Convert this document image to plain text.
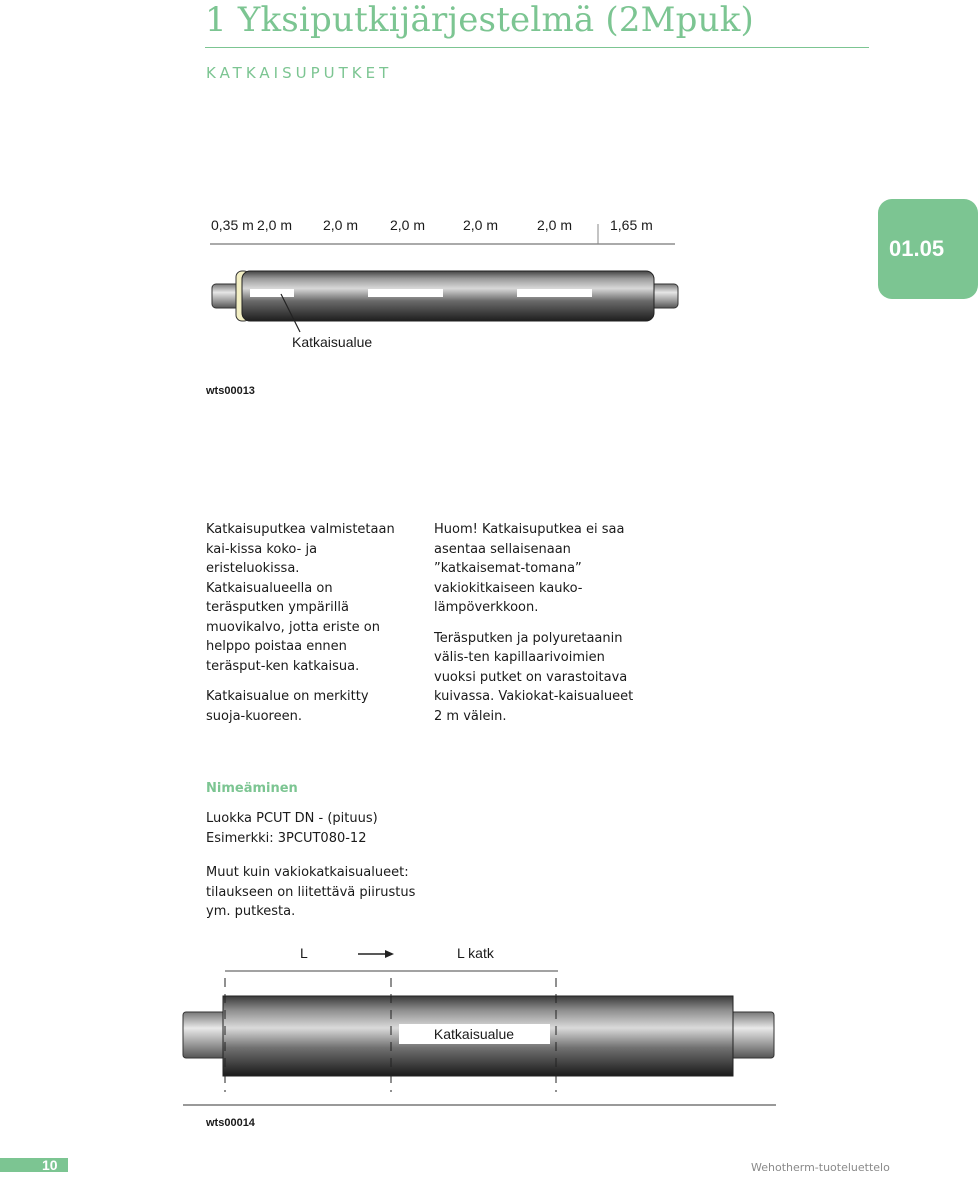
1 Yksiputkijärjestelmä (2Mpuk)
KATKAISUPUTKET
01.05
0,35 m 2,0 m 2,0 m 2,0 m	2,0 m	2,0 m	1,65 m
Katkaisualue
wts00013

Katkaisuputkea valmistetaan kai-kissa koko- ja eristeluokissa. Katkaisualueella on teräsputken ympärillä muovikalvo, jotta eriste on helppo poistaa ennen teräsput-ken katkaisua.

Katkaisualue on merkitty suoja-kuoreen.

Huom! Katkaisuputkea ei saa asentaa sellaisenaan ”katkaisemat-tomana” vakiokitkaiseen kauko-lämpöverkkoon.

Teräsputken ja polyuretaanin välis-ten kapillaarivoimien vuoksi putket on varastoitava kuivassa. Vakiokat-kaisualueet 2 m välein.

Nimeäminen
Luokka PCUT DN - (pituus)
Esimerkki: 3PCUT080-12
Muut kuin vakiokatkaisualueet:
tilaukseen on liitettävä piirustus
ym. putkesta.
L	L katk
Katkaisualue
wts00014
10	Wehotherm-tuoteluettelo
